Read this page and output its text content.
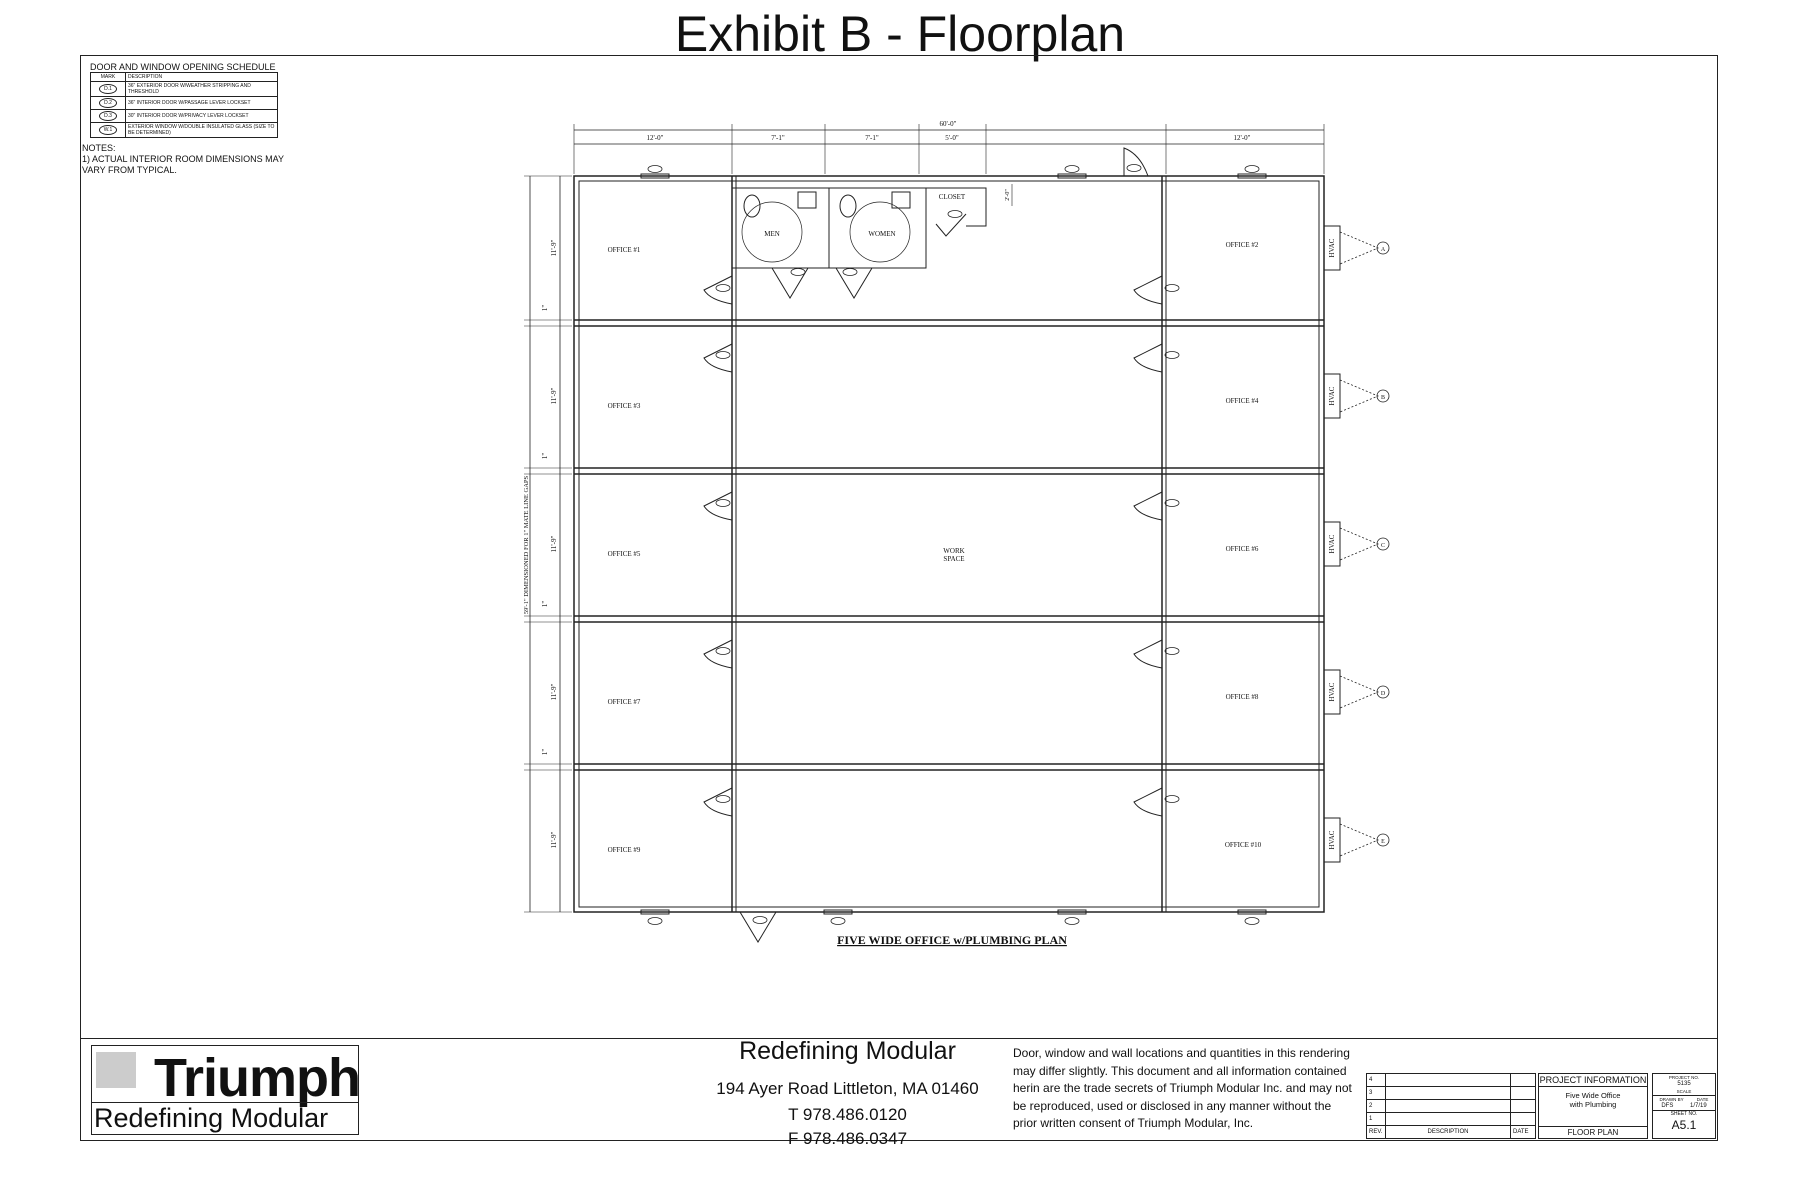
Exhibit B - Floorplan
DOOR AND WINDOW OPENING SCHEDULE
MARK	DESCRIPTION
D.1	36" EXTERIOR DOOR W/WEATHER STRIPPING AND THRESHOLD
D.2	36" INTERIOR DOOR W/PASSAGE LEVER LOCKSET
D.3	30" INTERIOR DOOR W/PRIVACY LEVER LOCKSET
W.1	EXTERIOR WINDOW W/DOUBLE INSULATED GLASS (SIZE TO BE DETERMINED)
NOTES:
1) ACTUAL INTERIOR ROOM DIMENSIONS MAY
VARY FROM TYPICAL.
60'-0"
12'-0"	7'-1"	7'-1"	5'-0"	12'-0"
11'-9"
11'-9"
11'-9"
11'-9"
11'-9"
1"
1"
1"
1"
59'-1" DIMENSIONED FOR 1" MATE LINE GAPS
2'-0"
OFFICE #1
OFFICE #2
OFFICE #3
OFFICE #4
OFFICE #5
OFFICE #6
OFFICE #7
OFFICE #8
OFFICE #9
OFFICE #10
MEN	WOMEN
CLOSET
WORK
SPACE
HVAC
HVAC
HVAC
HVAC
HVAC
A
B
C
D
E
FIVE WIDE OFFICE w/PLUMBING PLAN
Triumph
Redefining Modular
Redefining Modular
194 Ayer Road Littleton, MA 01460
T 978.486.0120
F 978.486.0347
Door, window and wall locations and quantities in this rendering may differ slightly. This document and all information contained herin are the trade secrets of Triumph Modular Inc. and may not be reproduced, used or disclosed in any manner without the prior written consent of Triumph Modular, Inc.
4		
3		
2		
1		
REV.	DESCRIPTION	DATE
PROJECT INFORMATION
Five Wide Office
with Plumbing
FLOOR PLAN
PROJECT NO.
5135
SCALE
DRAWN BY	DATE
DFS	1/7/19
SHEET NO.
A5.1
